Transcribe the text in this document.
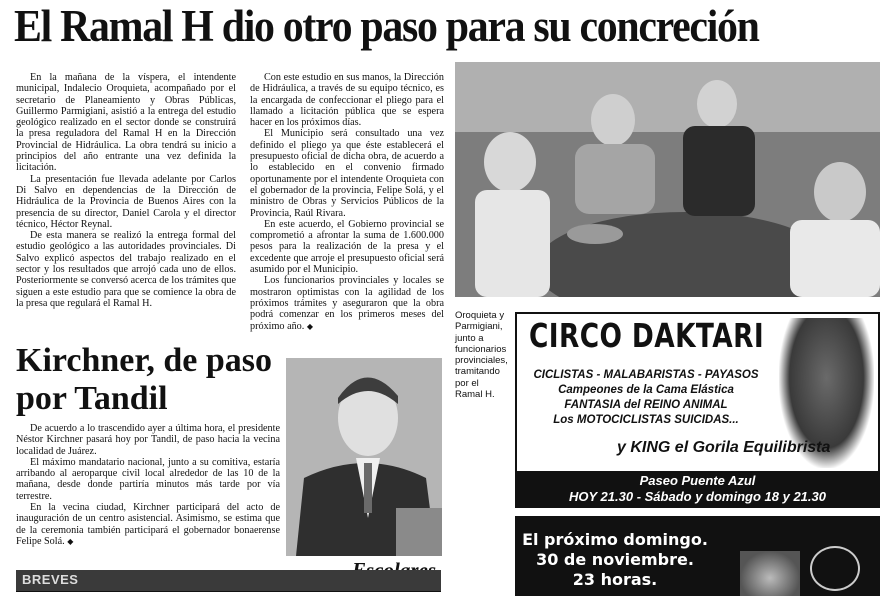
El Ramal H dio otro paso para su concreción

En la mañana de la víspera, el intendente municipal, Indalecio Oroquieta, acompañado por el secretario de Planeamiento y Obras Públicas, Guillermo Parmigiani, asistió a la entrega del estudio geológico realizado en el sector donde se construirá la presa reguladora del Ramal H en la Dirección Provincial de Hidráulica. La obra tendrá su inicio a principios del año entrante una vez definida la licitación.

La presentación fue llevada adelante por Carlos Di Salvo en dependencias de la Dirección de Hidráulica de la Provincia de Buenos Aires con la presencia de su director, Daniel Carola y el director técnico, Héctor Reynal.

De esta manera se realizó la entrega formal del estudio geológico a las autoridades provinciales. Di Salvo explicó aspectos del trabajo realizado en el sector y los resultados que arrojó cada uno de ellos. Posteriormente se conversó acerca de los trámites que siguen a este estudio para que se comience la obra de la presa que regulará el Ramal H.

Con este estudio en sus manos, la Dirección de Hidráulica, a través de su equipo técnico, es la encargada de confeccionar el pliego para el llamado a licitación pública que se espera hacer en los próximos días.

El Municipio será consultado una vez definido el pliego ya que éste establecerá el presupuesto oficial de dicha obra, de acuerdo a lo establecido en el convenio firmado oportunamente por el intendente Oroquieta con el gobernador de la provincia, Felipe Solá, y el ministro de Obras y Servicios Públicos de la Provincia, Raúl Rivara.

En este acuerdo, el Gobierno provincial se comprometió a afrontar la suma de 1.600.000 pesos para la realización de la presa y el excedente que arroje el presupuesto oficial será asumido por el Municipio.

Los funcionarios provinciales y locales se mostraron optimistas con la agilidad de los próximos trámites y aseguraron que la obra podrá comenzar en los primeros meses del próximo año. ◆

Oroquieta y Parmigiani, junto a funcionarios provinciales, tramitando por el Ramal H.
Kirchner, de paso
por Tandil

De acuerdo a lo trascendido ayer a última hora, el presidente Néstor Kirchner pasará hoy por Tandil, de paso hacia la vecina localidad de Juárez.

El máximo mandatario nacional, junto a su comitiva, estaría arribando al aeroparque civil local alrededor de las 10 de la mañana, desde donde partiría minutos más tarde por vía terrestre.

En la vecina ciudad, Kirchner participará del acto de inauguración de un centro asistencial. Asimismo, se estima que de la ceremonia también participará el gobernador bonaerense Felipe Solá. ◆

CIRCO DAKTARI
CICLISTAS - MALABARISTAS - PAYASOS
Campeones de la Cama Elástica
FANTASIA del REINO ANIMAL
Los MOTOCICLISTAS SUICIDAS...
y KING el Gorila Equilibrista
Paseo Puente Azul
HOY 21.30 - Sábado y domingo 18 y 21.30
El próximo domingo.
30 de noviembre.
23 horas.
BREVES
